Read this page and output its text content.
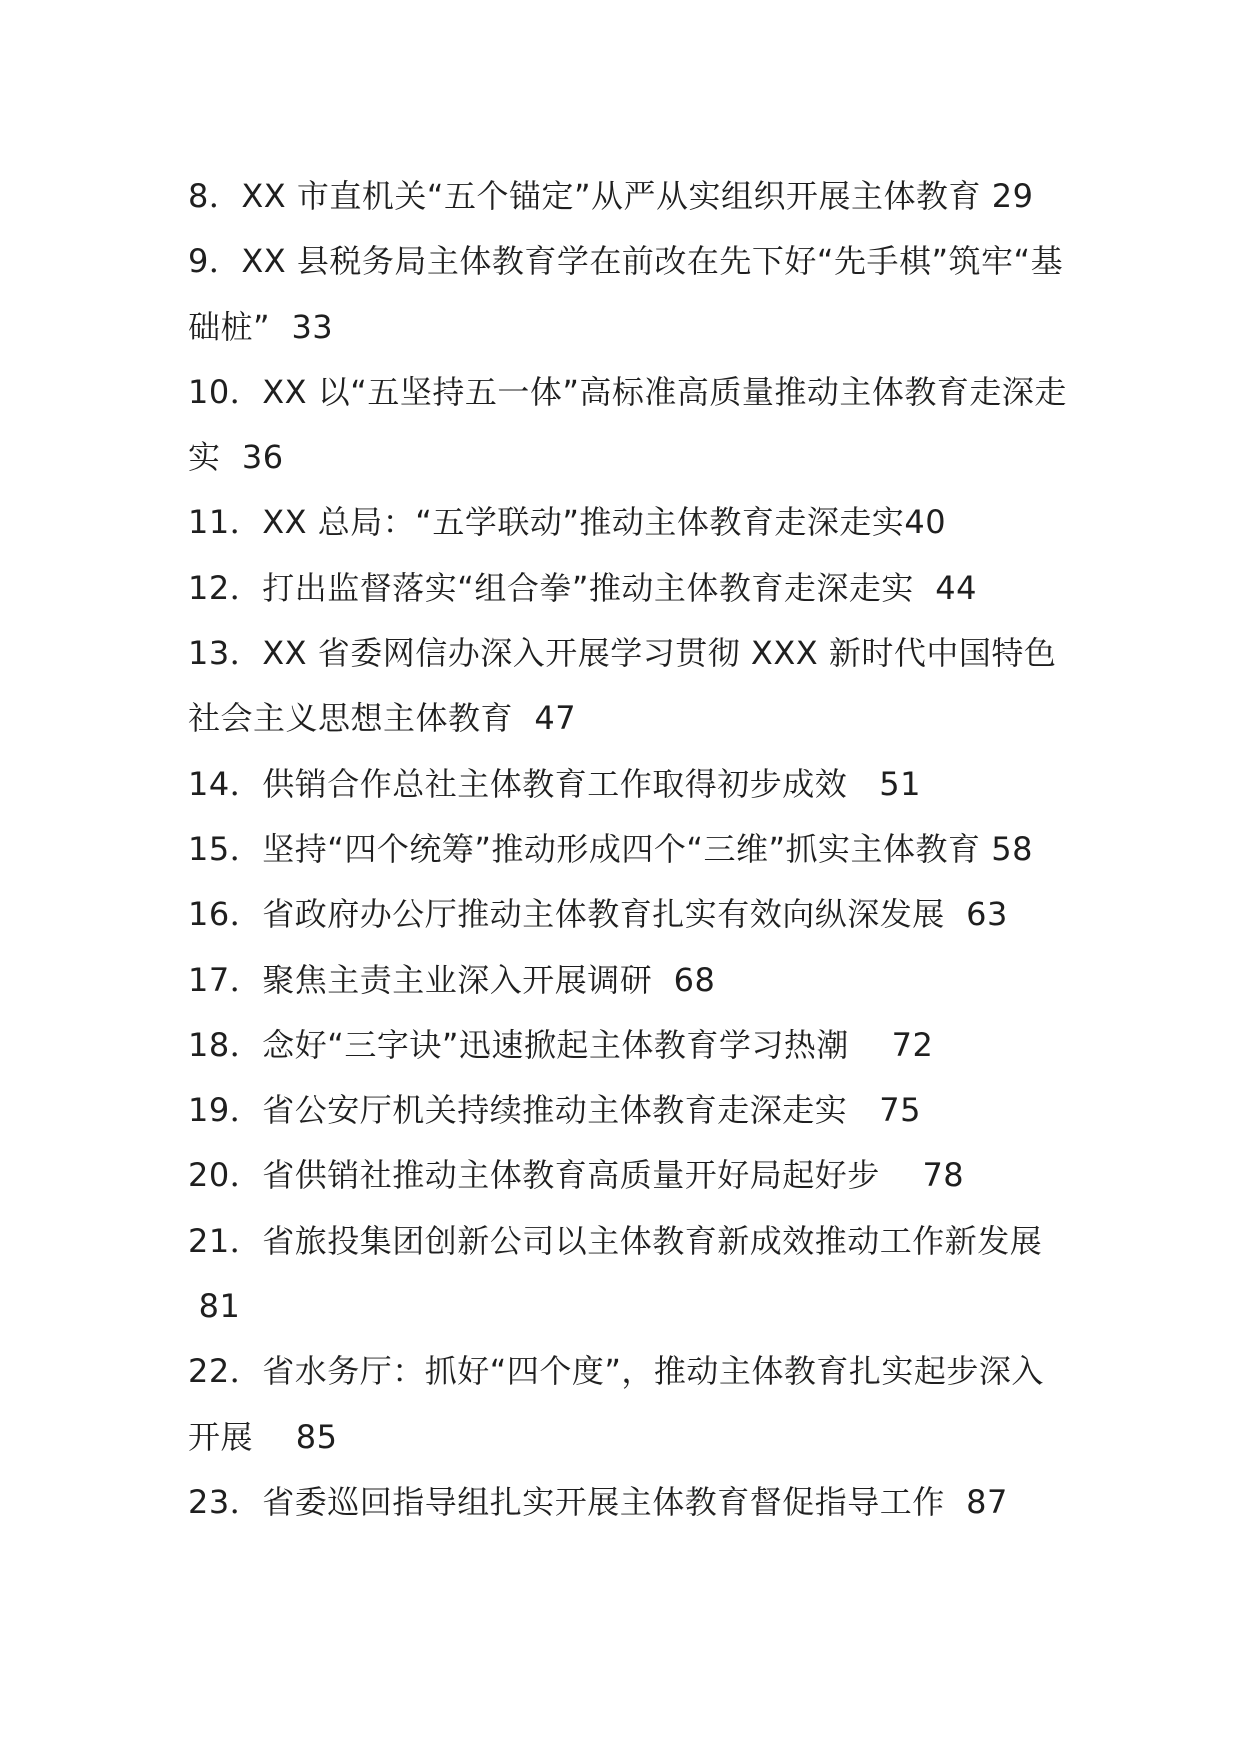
8．XX 市直机关“五个锚定”从严从实组织开展主体教育 29
9．XX 县税务局主体教育学在前改在先下好“先手棋”筑牢“基础桩” 33
10．XX 以“五坚持五一体”高标准高质量推动主体教育走深走实 36
11．XX 总局：“五学联动”推动主体教育走深走实40
12．打出监督落实“组合拳”推动主体教育走深走实 44
13．XX 省委网信办深入开展学习贯彻 XXX 新时代中国特色社会主义思想主体教育 47
14．供销合作总社主体教育工作取得初步成效 51
15．坚持“四个统筹”推动形成四个“三维”抓实主体教育 58
16．省政府办公厅推动主体教育扎实有效向纵深发展 63
17．聚焦主责主业深入开展调研 68
18．念好“三字诀”迅速掀起主体教育学习热潮 72
19．省公安厅机关持续推动主体教育走深走实 75
20．省供销社推动主体教育高质量开好局起好步 78
21．省旅投集团创新公司以主体教育新成效推动工作新发展 81
22．省水务厅：抓好“四个度”，推动主体教育扎实起步深入开展 85
23．省委巡回指导组扎实开展主体教育督促指导工作 87
